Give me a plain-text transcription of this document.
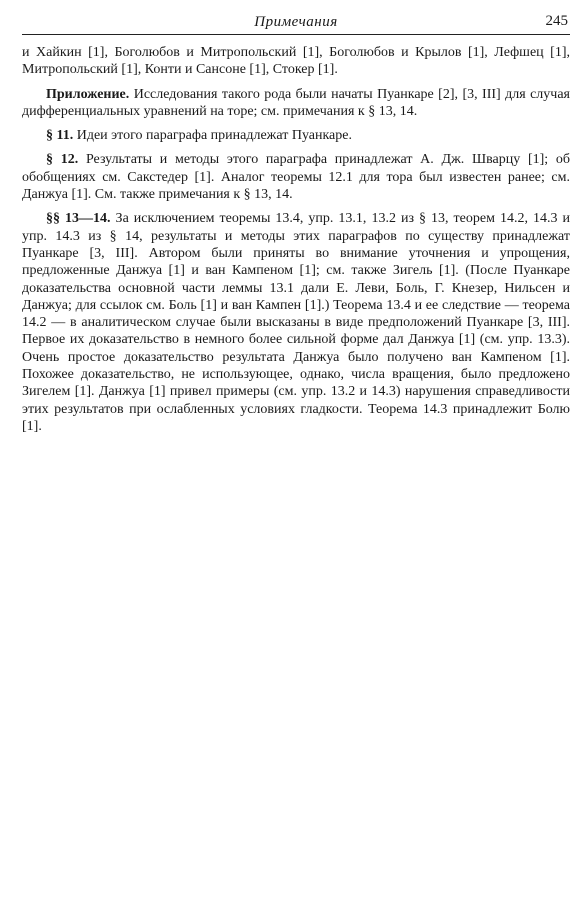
Примечания	245

и Хайкин [1], Боголюбов и Митропольский [1], Боголюбов и Крылов [1], Лефшец [1], Митропольский [1], Конти и Сансоне [1], Стокер [1].

Приложение. Исследования такого рода были начаты Пуанкаре [2], [3, III] для случая дифференциальных уравнений на торе; см. примечания к § 13, 14.

§ 11. Идеи этого параграфа принадлежат Пуанкаре.

§ 12. Результаты и методы этого параграфа принадлежат А. Дж. Шварцу [1]; об обобщениях см. Сакстедер [1]. Аналог теоремы 12.1 для тора был известен ранее; см. Данжуа [1]. См. также примечания к § 13, 14.

§§ 13—14. За исключением теоремы 13.4, упр. 13.1, 13.2 из § 13, теорем 14.2, 14.3 и упр. 14.3 из § 14, результаты и методы этих параграфов по существу принадлежат Пуанкаре [3, III]. Автором были приняты во внимание уточнения и упрощения, предложенные Данжуа [1] и ван Кампеном [1]; см. также Зигель [1]. (После Пуанкаре доказательства основной части леммы 13.1 дали Е. Леви, Боль, Г. Кнезер, Нильсен и Данжуа; для ссылок см. Боль [1] и ван Кампен [1].) Теорема 13.4 и ее следствие — теорема 14.2 — в аналитическом случае были высказаны в виде предположений Пуанкаре [3, III]. Первое их доказательство в немного более сильной форме дал Данжуа [1] (см. упр. 13.3). Очень простое доказательство результата Данжуа было получено ван Кампеном [1]. Похожее доказательство, не использующее, однако, числа вращения, было предложено Зигелем [1]. Данжуа [1] привел примеры (см. упр. 13.2 и 14.3) нарушения справедливости этих результатов при ослабленных условиях гладкости. Теорема 14.3 принадлежит Болю [1].
